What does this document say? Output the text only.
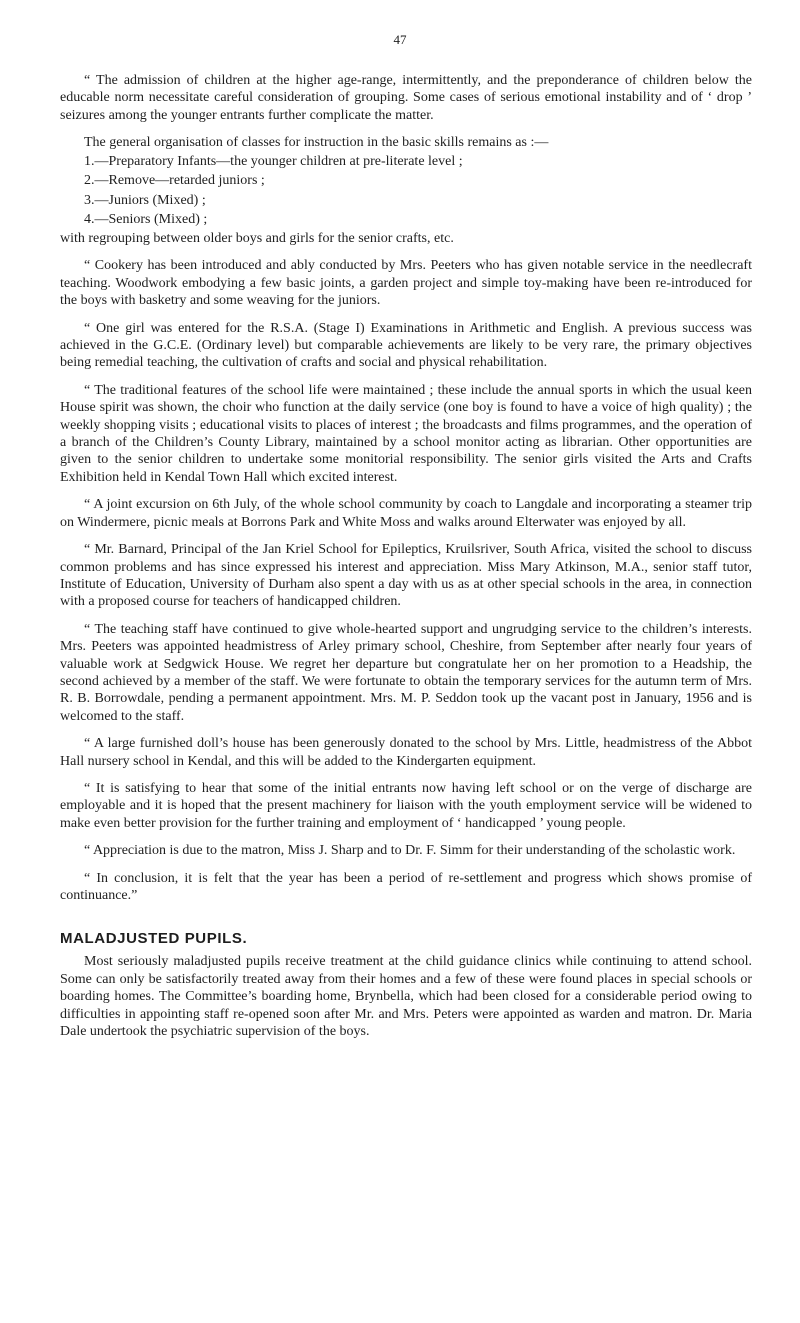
47

“ The admission of children at the higher age-range, intermittently, and the preponderance of children below the educable norm necessitate careful consideration of grouping. Some cases of serious emotional instability and of ‘ drop ’ seizures among the younger entrants further complicate the matter.

The general organisation of classes for instruction in the basic skills remains as :—

1.—Preparatory Infants—the younger children at pre-literate level ;
2.—Remove—retarded juniors ;
3.—Juniors (Mixed) ;
4.—Seniors (Mixed) ;

with regrouping between older boys and girls for the senior crafts, etc.

“ Cookery has been introduced and ably conducted by Mrs. Peeters who has given notable service in the needlecraft teaching. Woodwork embodying a few basic joints, a garden project and simple toy-making have been re-introduced for the boys with basketry and some weaving for the juniors.

“ One girl was entered for the R.S.A. (Stage I) Examinations in Arithmetic and English. A previous success was achieved in the G.C.E. (Ordinary level) but comparable achievements are likely to be very rare, the primary objectives being remedial teaching, the cultivation of crafts and social and physical rehabilitation.

“ The traditional features of the school life were maintained ; these include the annual sports in which the usual keen House spirit was shown, the choir who function at the daily service (one boy is found to have a voice of high quality) ; the weekly shopping visits ; educational visits to places of interest ; the broadcasts and films programmes, and the operation of a branch of the Children’s County Library, maintained by a school monitor acting as librarian. Other opportunities are given to the senior children to undertake some monitorial responsibility. The senior girls visited the Arts and Crafts Exhibition held in Kendal Town Hall which excited interest.

“ A joint excursion on 6th July, of the whole school community by coach to Langdale and incorporating a steamer trip on Windermere, picnic meals at Borrons Park and White Moss and walks around Elterwater was enjoyed by all.

“ Mr. Barnard, Principal of the Jan Kriel School for Epileptics, Kruilsriver, South Africa, visited the school to discuss common problems and has since expressed his interest and appreciation. Miss Mary Atkinson, M.A., senior staff tutor, Institute of Education, University of Durham also spent a day with us as at other special schools in the area, in connection with a proposed course for teachers of handicapped children.

“ The teaching staff have continued to give whole-hearted support and ungrudging service to the children’s interests. Mrs. Peeters was appointed headmistress of Arley primary school, Cheshire, from September after nearly four years of valuable work at Sedgwick House. We regret her departure but congratulate her on her promotion to a Headship, the second achieved by a member of the staff. We were fortunate to obtain the temporary services for the autumn term of Mrs. R. B. Borrowdale, pending a permanent appointment. Mrs. M. P. Seddon took up the vacant post in January, 1956 and is welcomed to the staff.

“ A large furnished doll’s house has been generously donated to the school by Mrs. Little, headmistress of the Abbot Hall nursery school in Kendal, and this will be added to the Kindergarten equipment.

“ It is satisfying to hear that some of the initial entrants now having left school or on the verge of discharge are employable and it is hoped that the present machinery for liaison with the youth employment service will be widened to make even better provision for the further training and employment of ‘ handicapped ’ young people.

“ Appreciation is due to the matron, Miss J. Sharp and to Dr. F. Simm for their understanding of the scholastic work.

“ In conclusion, it is felt that the year has been a period of re-settlement and progress which shows promise of continuance.”

MALADJUSTED PUPILS.

Most seriously maladjusted pupils receive treatment at the child guidance clinics while continuing to attend school. Some can only be satisfactorily treated away from their homes and a few of these were found places in special schools or boarding homes. The Committee’s boarding home, Brynbella, which had been closed for a considerable period owing to difficulties in appointing staff re-opened soon after Mr. and Mrs. Peters were appointed as warden and matron. Dr. Maria Dale undertook the psychiatric supervision of the boys.
